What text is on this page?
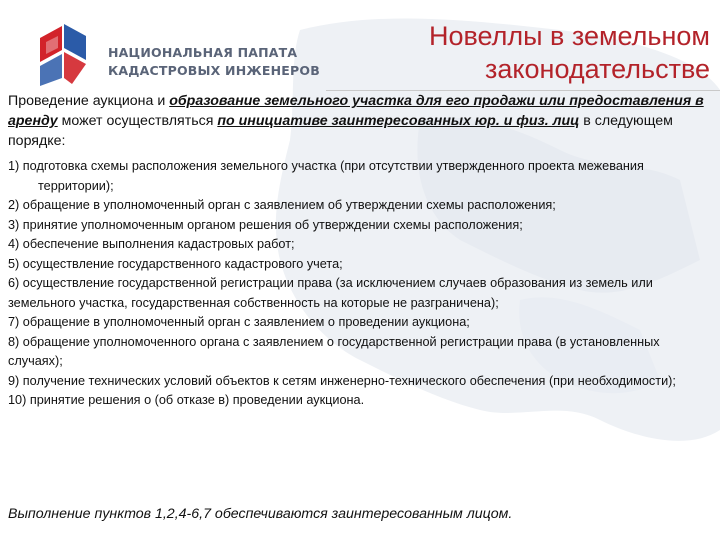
НАЦИОНАЛЬНАЯ ПАПАТА
КАДАСТРОВЫХ ИНЖЕНЕРОВ
Новеллы в земельном
законодательстве
Проведение аукциона и образование земельного участка для его продажи или предоставления в аренду может осуществляться по инициативе заинтересованных юр. и физ. лиц в следующем порядке:
1) подготовка схемы расположения земельного участка (при отсутствии утвержденного проекта межевания территории);
2) обращение в уполномоченный орган с заявлением об утверждении схемы расположения;
3) принятие уполномоченным органом решения об утверждении схемы расположения;
4) обеспечение выполнения кадастровых работ;
5) осуществление государственного кадастрового учета;
6) осуществление государственной регистрации права (за исключением случаев образования из земель или земельного участка, государственная собственность на которые не разграничена);
7) обращение в уполномоченный орган с заявлением о проведении аукциона;
8) обращение уполномоченного органа с заявлением о государственной регистрации права (в установленных случаях);
9) получение технических условий объектов к сетям инженерно-технического обеспечения (при необходимости);
10) принятие решения о (об отказе в) проведении аукциона.
Выполнение пунктов 1,2,4-6,7 обеспечиваются заинтересованным лицом.
